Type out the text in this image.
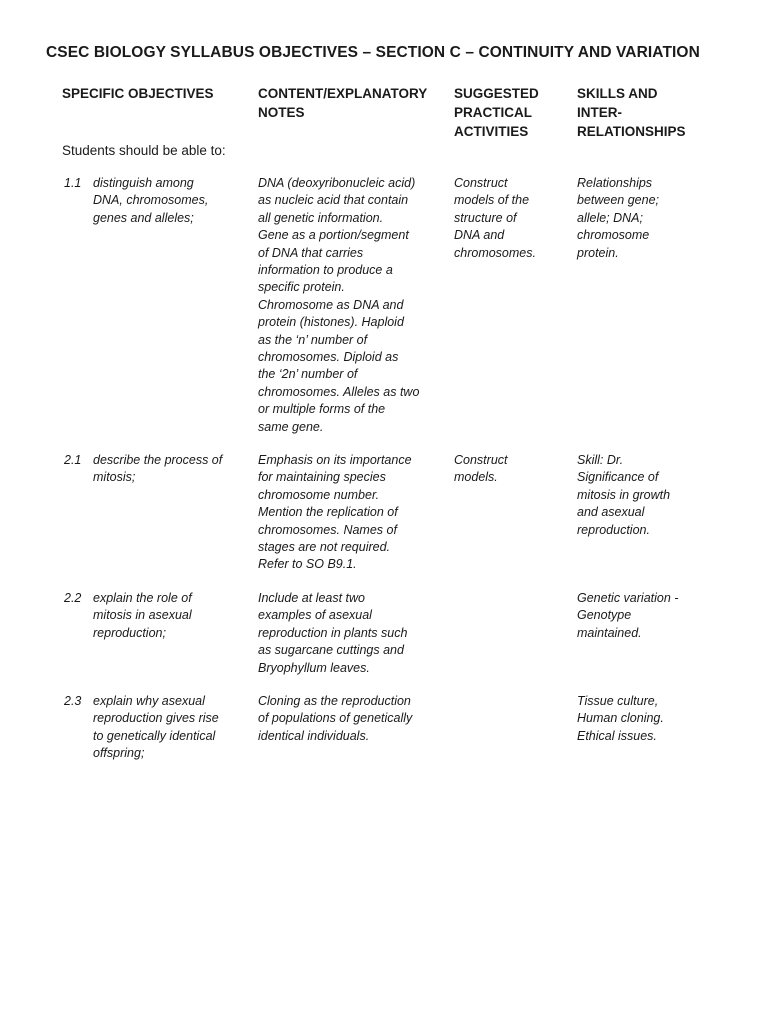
CSEC BIOLOGY SYLLABUS OBJECTIVES – SECTION C – CONTINUITY AND VARIATION
SPECIFIC OBJECTIVES	CONTENT/EXPLANATORY
NOTES
SUGGESTED
PRACTICAL
ACTIVITIES
SKILLS AND
INTER-
RELATIONSHIPS
Students should be able to:
1.1 distinguish among
DNA, chromosomes,
genes and alleles;
DNA (deoxyribonucleic acid)
as nucleic acid that contain
all genetic information.
Gene as a portion/segment
of DNA that carries
information to produce a
specific protein.
Chromosome as DNA and
protein (histones). Haploid
as the ‘n’ number of
chromosomes. Diploid as
the ‘2n’ number of
chromosomes. Alleles as two
or multiple forms of the
same gene.
Construct
models of the
structure of
DNA and
chromosomes.
Relationships
between gene;
allele; DNA;
chromosome
protein.
2.1 describe the process of
mitosis;
Emphasis on its importance
for maintaining species
chromosome number.
Mention the replication of
chromosomes. Names of
stages are not required.
Refer to SO B9.1.
Construct
models.
Skill: Dr.
Significance of
mitosis in growth
and asexual
reproduction.
2.2 explain the role of
mitosis in asexual
reproduction;
Include at least two
examples of asexual
reproduction in plants such
as sugarcane cuttings and
Bryophyllum leaves.
Genetic variation -
Genotype
maintained.
2.3 explain why asexual
reproduction gives rise
to genetically identical
offspring;
Cloning as the reproduction
of populations of genetically
identical individuals.
Tissue culture,
Human cloning.
Ethical issues.
